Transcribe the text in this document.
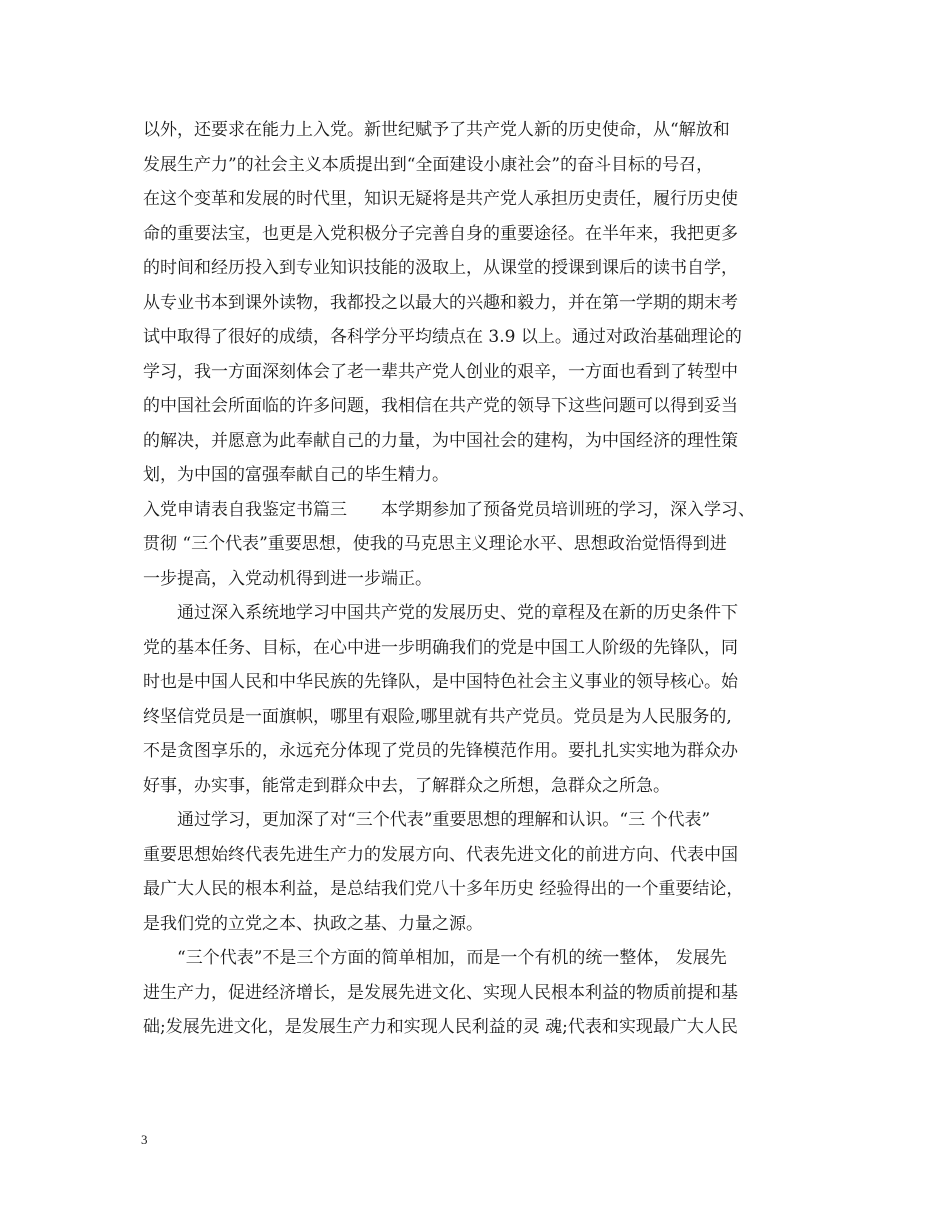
以外，还要求在能力上入党。新世纪赋予了共产党人新的历史使命，从“解放和
发展生产力”的社会主义本质提出到“全面建设小康社会”的奋斗目标的号召，
在这个变革和发展的时代里，知识无疑将是共产党人承担历史责任，履行历史使
命的重要法宝，也更是入党积极分子完善自身的重要途径。在半年来，我把更多
的时间和经历投入到专业知识技能的汲取上，从课堂的授课到课后的读书自学，
从专业书本到课外读物，我都投之以最大的兴趣和毅力，并在第一学期的期末考
试中取得了很好的成绩，各科学分平均绩点在 3.9 以上。通过对政治基础理论的
学习，我一方面深刻体会了老一辈共产党人创业的艰辛，一方面也看到了转型中
的中国社会所面临的许多问题，我相信在共产党的领导下这些问题可以得到妥当
的解决，并愿意为此奉献自己的力量，为中国社会的建构，为中国经济的理性策
划，为中国的富强奉献自己的毕生精力。
入党申请表自我鉴定书篇三　　本学期参加了预备党员培训班的学习，深入学习、
贯彻 “三个代表”重要思想，使我的马克思主义理论水平、思想政治觉悟得到进
一步提高，入党动机得到进一步端正。
　　通过深入系统地学习中国共产党的发展历史、党的章程及在新的历史条件下
党的基本任务、目标，在心中进一步明确我们的党是中国工人阶级的先锋队，同
时也是中国人民和中华民族的先锋队，是中国特色社会主义事业的领导核心。始
终坚信党员是一面旗帜，哪里有艰险,哪里就有共产党员。党员是为人民服务的,
不是贪图享乐的，永远充分体现了党员的先锋模范作用。要扎扎实实地为群众办
好事，办实事，能常走到群众中去，了解群众之所想，急群众之所急。
　　通过学习，更加深了对“三个代表”重要思想的理解和认识。“三 个代表”
重要思想始终代表先进生产力的发展方向、代表先进文化的前进方向、代表中国
最广大人民的根本利益，是总结我们党八十多年历史 经验得出的一个重要结论，
是我们党的立党之本、执政之基、力量之源。
　　“三个代表”不是三个方面的简单相加，而是一个有机的统一整体， 发展先
进生产力，促进经济增长，是发展先进文化、实现人民根本利益的物质前提和基
础;发展先进文化，是发展生产力和实现人民利益的灵 魂;代表和实现最广大人民
3
